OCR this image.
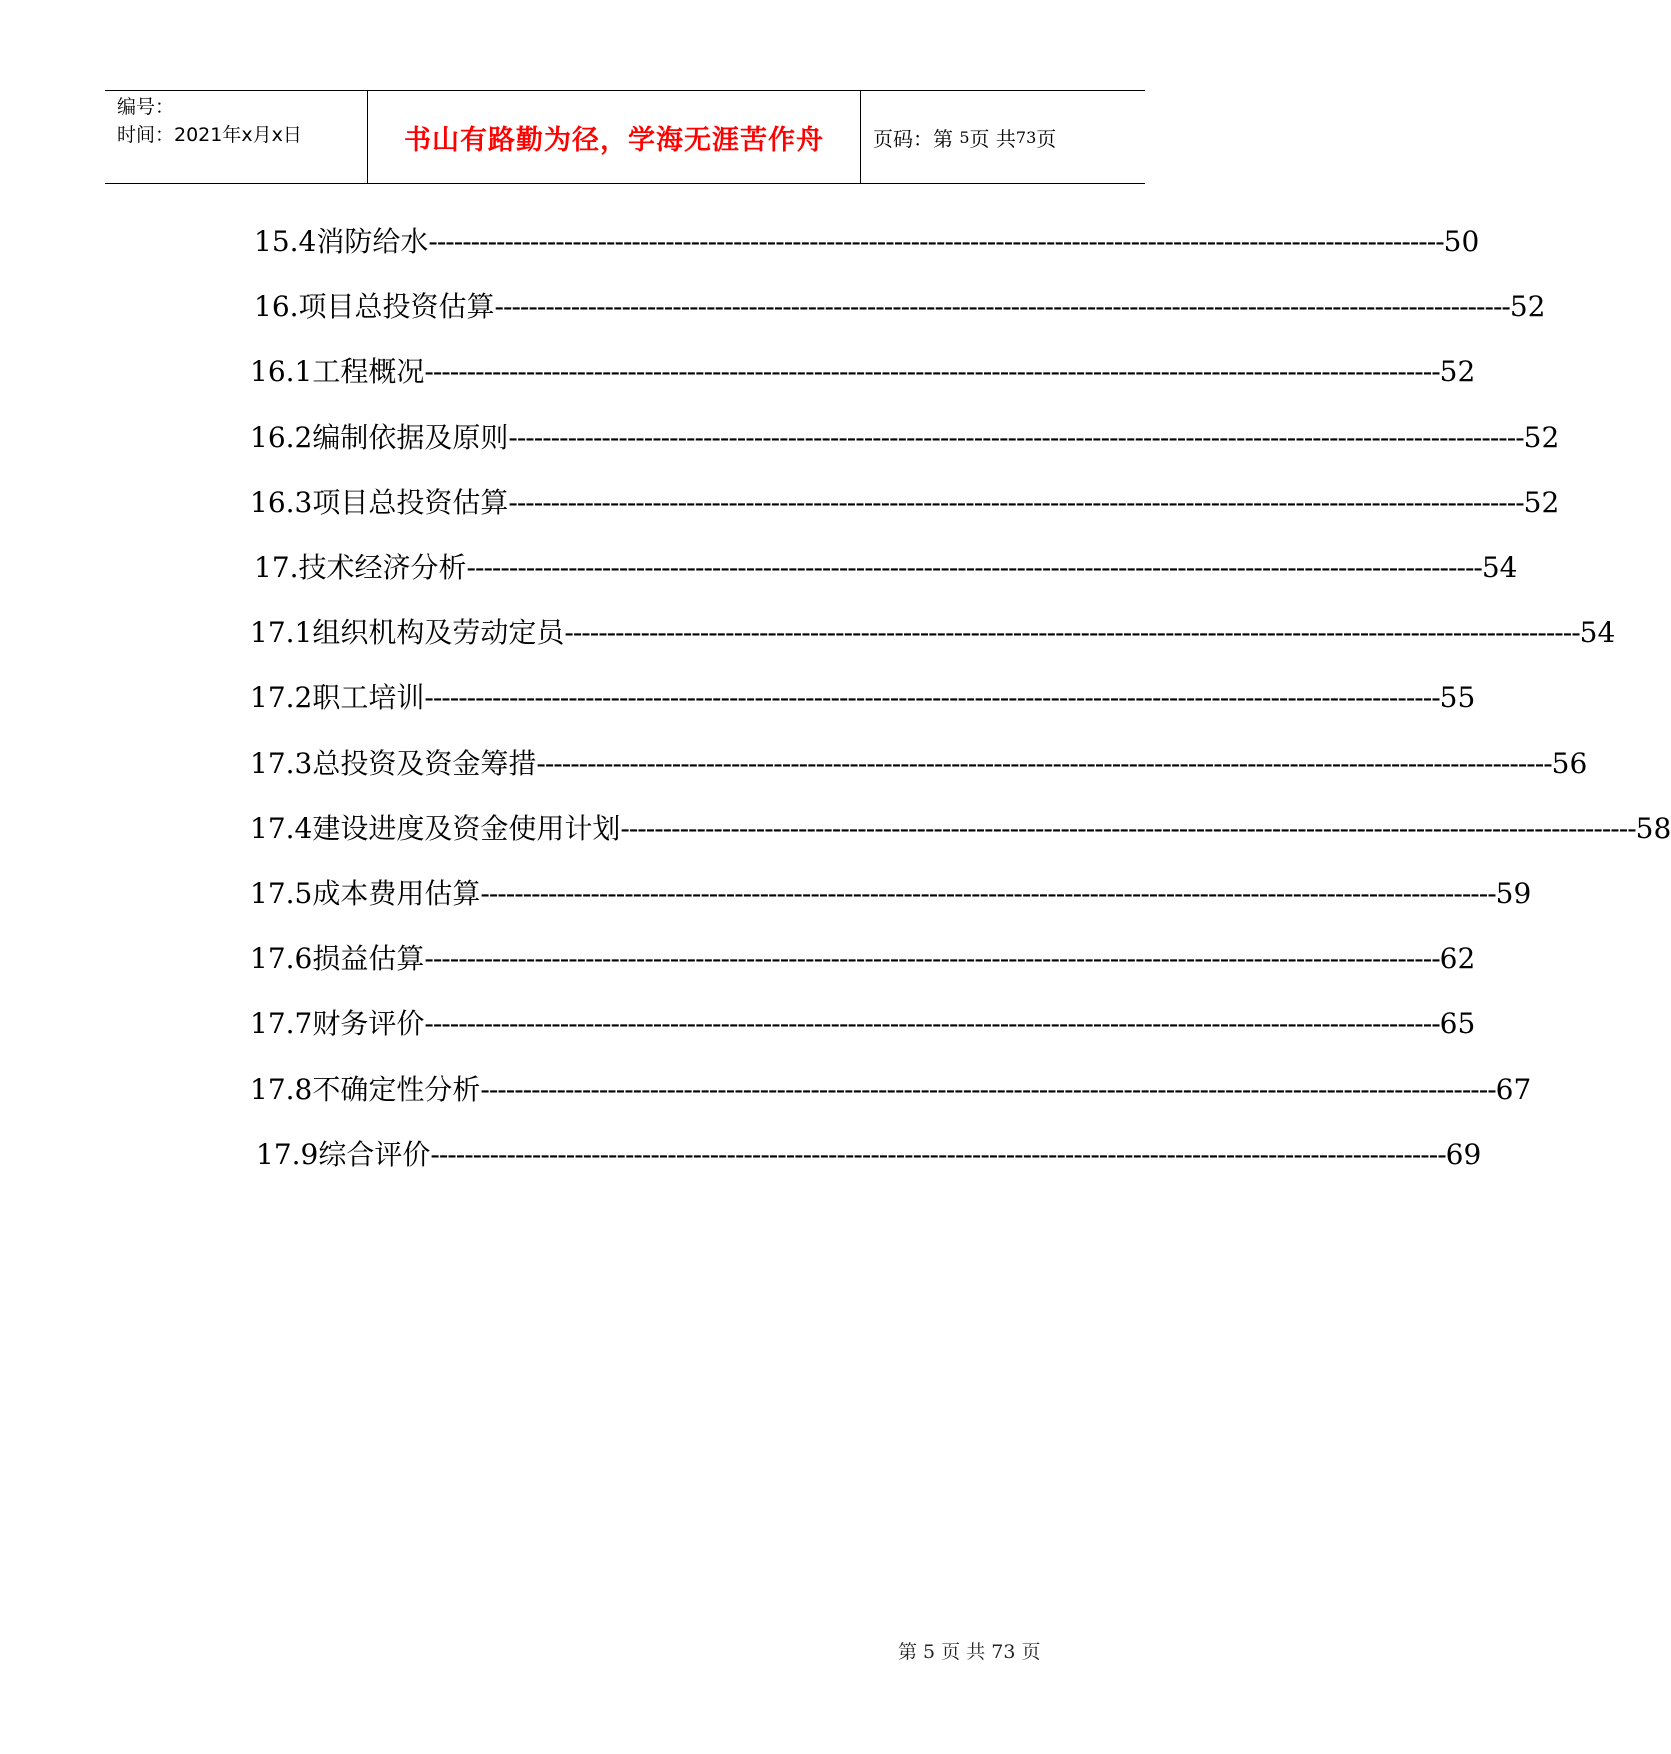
编号：
时间：2021年x月x日	书山有路勤为径，学海无涯苦作舟	页码：第 5 页 共 73 页
15.4 消防给水 ------------------------------------------------------------------------------------------------------------------------ 50
16. 项目总投资估算 ------------------------------------------------------------------------------------------------------------------------ 52
16.1 工程概况 ------------------------------------------------------------------------------------------------------------------------ 52
16.2 编制依据及原则 ------------------------------------------------------------------------------------------------------------------------ 52
16.3 项目总投资估算 ------------------------------------------------------------------------------------------------------------------------ 52
17. 技术经济分析 ------------------------------------------------------------------------------------------------------------------------ 54
17.1 组织机构及劳动定员 ------------------------------------------------------------------------------------------------------------------------ 54
17.2 职工培训 ------------------------------------------------------------------------------------------------------------------------ 55
17.3 总投资及资金筹措 ------------------------------------------------------------------------------------------------------------------------ 56
17.4 建设进度及资金使用计划 ------------------------------------------------------------------------------------------------------------------------ 58
17.5 成本费用估算 ------------------------------------------------------------------------------------------------------------------------ 59
17.6 损益估算 ------------------------------------------------------------------------------------------------------------------------ 62
17.7 财务评价 ------------------------------------------------------------------------------------------------------------------------ 65
17.8 不确定性分析 ------------------------------------------------------------------------------------------------------------------------ 67
17.9 综合评价 ------------------------------------------------------------------------------------------------------------------------ 69
第 5 页 共 73 页
